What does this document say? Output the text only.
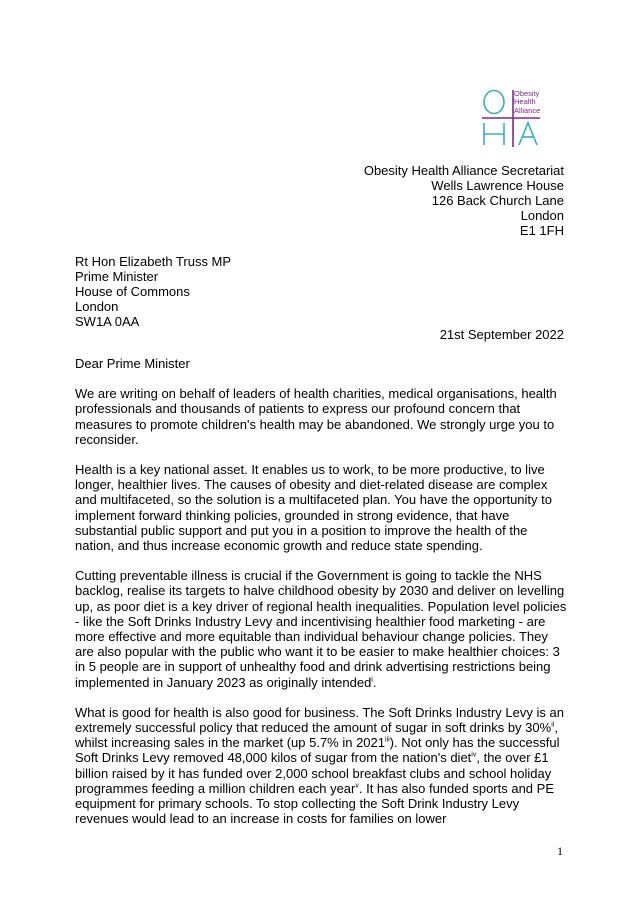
Obesity
Health
Alliance
Obesity Health Alliance Secretariat
Wells Lawrence House
126 Back Church Lane
London
E1 1FH
Rt Hon Elizabeth Truss MP
Prime Minister
House of Commons
London
SW1A 0AA
21st September 2022

Dear Prime Minister

We are writing on behalf of leaders of health charities, medical organisations, health professionals and thousands of patients to express our profound concern that measures to promote children's health may be abandoned. We strongly urge you to reconsider.

Health is a key national asset. It enables us to work, to be more productive, to live longer, healthier lives. The causes of obesity and diet-related disease are complex and multifaceted, so the solution is a multifaceted plan. You have the opportunity to implement forward thinking policies, grounded in strong evidence, that have substantial public support and put you in a position to improve the health of the nation, and thus increase economic growth and reduce state spending.

Cutting preventable illness is crucial if the Government is going to tackle the NHS backlog, realise its targets to halve childhood obesity by 2030 and deliver on levelling up, as poor diet is a key driver of regional health inequalities. Population level policies - like the Soft Drinks Industry Levy and incentivising healthier food marketing - are more effective and more equitable than individual behaviour change policies. They are also popular with the public who want it to be easier to make healthier choices: 3 in 5 people are in support of unhealthy food and drink advertising restrictions being implemented in January 2023 as originally intended$^i$.

What is good for health is also good for business. The Soft Drinks Industry Levy is an extremely successful policy that reduced the amount of sugar in soft drinks by 30%$^{ii}$, whilst increasing sales in the market (up 5.7% in 2021$^{iii}$). Not only has the successful Soft Drinks Levy removed 48,000 kilos of sugar from the nation's diet$^{iv}$, the over £1 billion raised by it has funded over 2,000 school breakfast clubs and school holiday programmes feeding a million children each year$^v$. It has also funded sports and PE equipment for primary schools. To stop collecting the Soft Drink Industry Levy revenues would lead to an increase in costs for families on lower

1
